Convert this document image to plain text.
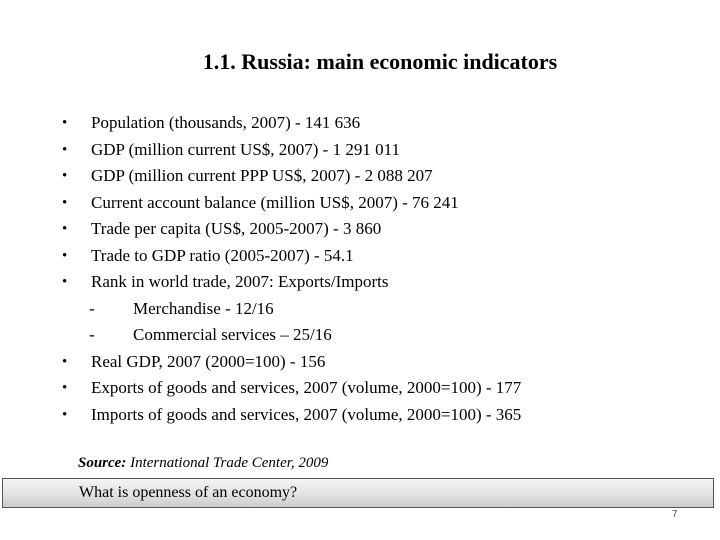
1.1. Russia: main economic indicators
•	Population (thousands, 2007) - 141 636
•	GDP (million current US$, 2007) - 1 291 011
•	GDP (million current PPP US$, 2007) - 2 088 207
•	Current account balance (million US$, 2007) - 76 241
•	Trade per capita (US$, 2005-2007) - 3 860
•	Trade to GDP ratio (2005-2007) - 54.1
•	Rank in world trade, 2007: Exports/Imports
-	Merchandise - 12/16
-	Commercial services – 25/16
•	Real GDP, 2007 (2000=100) - 156
•	Exports of goods and services, 2007 (volume, 2000=100) - 177
•	Imports of goods and services, 2007 (volume, 2000=100) - 365
Source: International Trade Center, 2009
What is openness of an economy?
7
